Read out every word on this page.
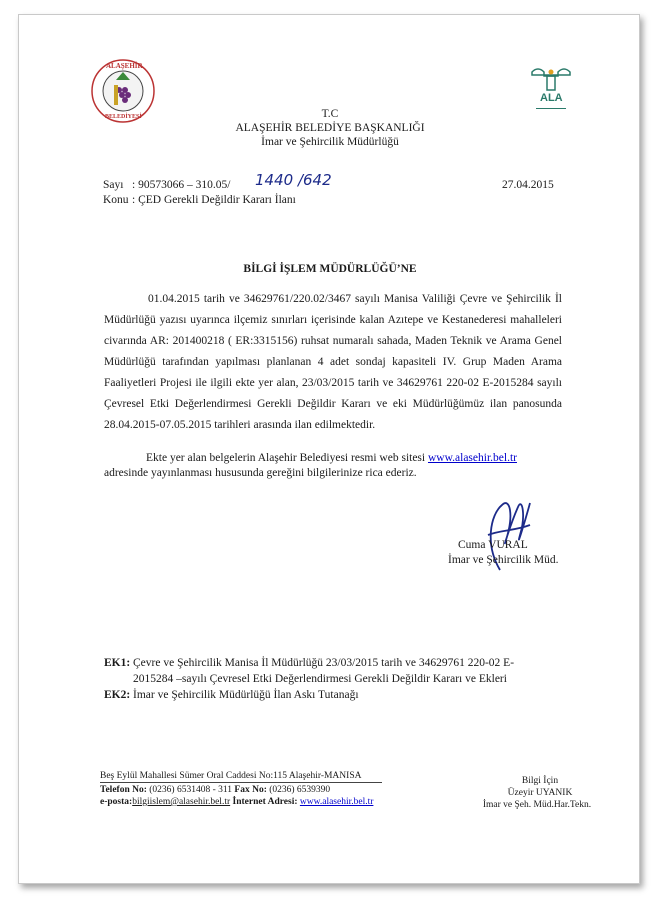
ALAŞEHİR
BELEDİYESİ
ALA
T.C
ALAŞEHİR BELEDİYE BAŞKANLIĞI
İmar ve Şehircilik Müdürlüğü
Sayı : 90573066 – 310.05/ 1440 /642
Konu : ÇED Gerekli Değildir Kararı İlanı
27.04.2015
BİLGİ İŞLEM MÜDÜRLÜĞÜ’NE
01.04.2015 tarih ve 34629761/220.02/3467 sayılı Manisa Valiliği Çevre ve Şehircilik İl Müdürlüğü yazısı uyarınca ilçemiz sınırları içerisinde kalan Azıtepe ve Kestanederesi mahalleleri civarında AR: 201400218 ( ER:3315156) ruhsat numaralı sahada, Maden Teknik ve Arama Genel Müdürlüğü tarafından yapılması planlanan 4 adet sondaj kapasiteli IV. Grup Maden Arama Faaliyetleri Projesi ile ilgili ekte yer alan, 23/03/2015 tarih ve 34629761 220-02 E-2015284 sayılı Çevresel Etki Değerlendirmesi Gerekli Değildir Kararı ve eki Müdürlüğümüz ilan panosunda 28.04.2015-07.05.2015 tarihleri arasında ilan edilmektedir.
Ekte yer alan belgelerin Alaşehir Belediyesi resmi web sitesi www.alasehir.bel.tr
adresinde yayınlanması hususunda gereğini bilgilerinize rica ederiz.
Cuma VURAL
İmar ve Şehircilik Müd.
EK1: Çevre ve Şehircilik Manisa İl Müdürlüğü 23/03/2015 tarih ve 34629761 220-02 E-
2015284 –sayılı Çevresel Etki Değerlendirmesi Gerekli Değildir Kararı ve Ekleri
EK2: İmar ve Şehircilik Müdürlüğü İlan Askı Tutanağı
Beş Eylül Mahallesi Sümer Oral Caddesi No:115 Alaşehir-MANISA
Telefon No: (0236) 6531408 - 311 Fax No: (0236) 6539390
e-posta:bilgiislem@alasehir.bel.tr İnternet Adresi: www.alasehir.bel.tr
Bilgi İçin
Üzeyir UYANIK
İmar ve Şeh. Müd.Har.Tekn.
